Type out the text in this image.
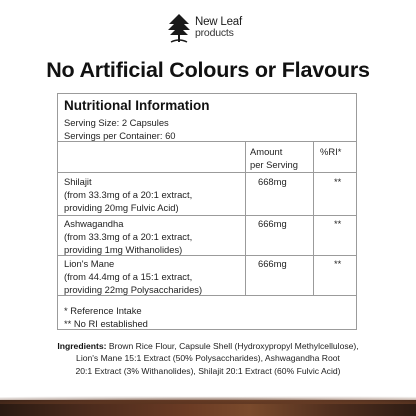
New Leaf
products
No Artificial Colours or Flavours
Nutritional Information
Serving Size: 2 Capsules
Servings per Container: 60
Amount
per Serving
%RI*
Shilajit
(from 33.3mg of a 20:1 extract,
providing 20mg Fulvic Acid)
668mg	**
Ashwagandha
(from 33.3mg of a 20:1 extract,
providing 1mg Withanolides)
666mg	**
Lion's Mane
(from 44.4mg of a 15:1 extract,
providing 22mg Polysaccharides)
666mg	**
* Reference Intake
** No RI established
Ingredients: Brown Rice Flour, Capsule Shell (Hydroxypropyl Methylcellulose),
Lion's Mane 15:1 Extract (50% Polysaccharides), Ashwagandha Root
20:1 Extract (3% Withanolides), Shilajit 20:1 Extract (60% Fulvic Acid)
